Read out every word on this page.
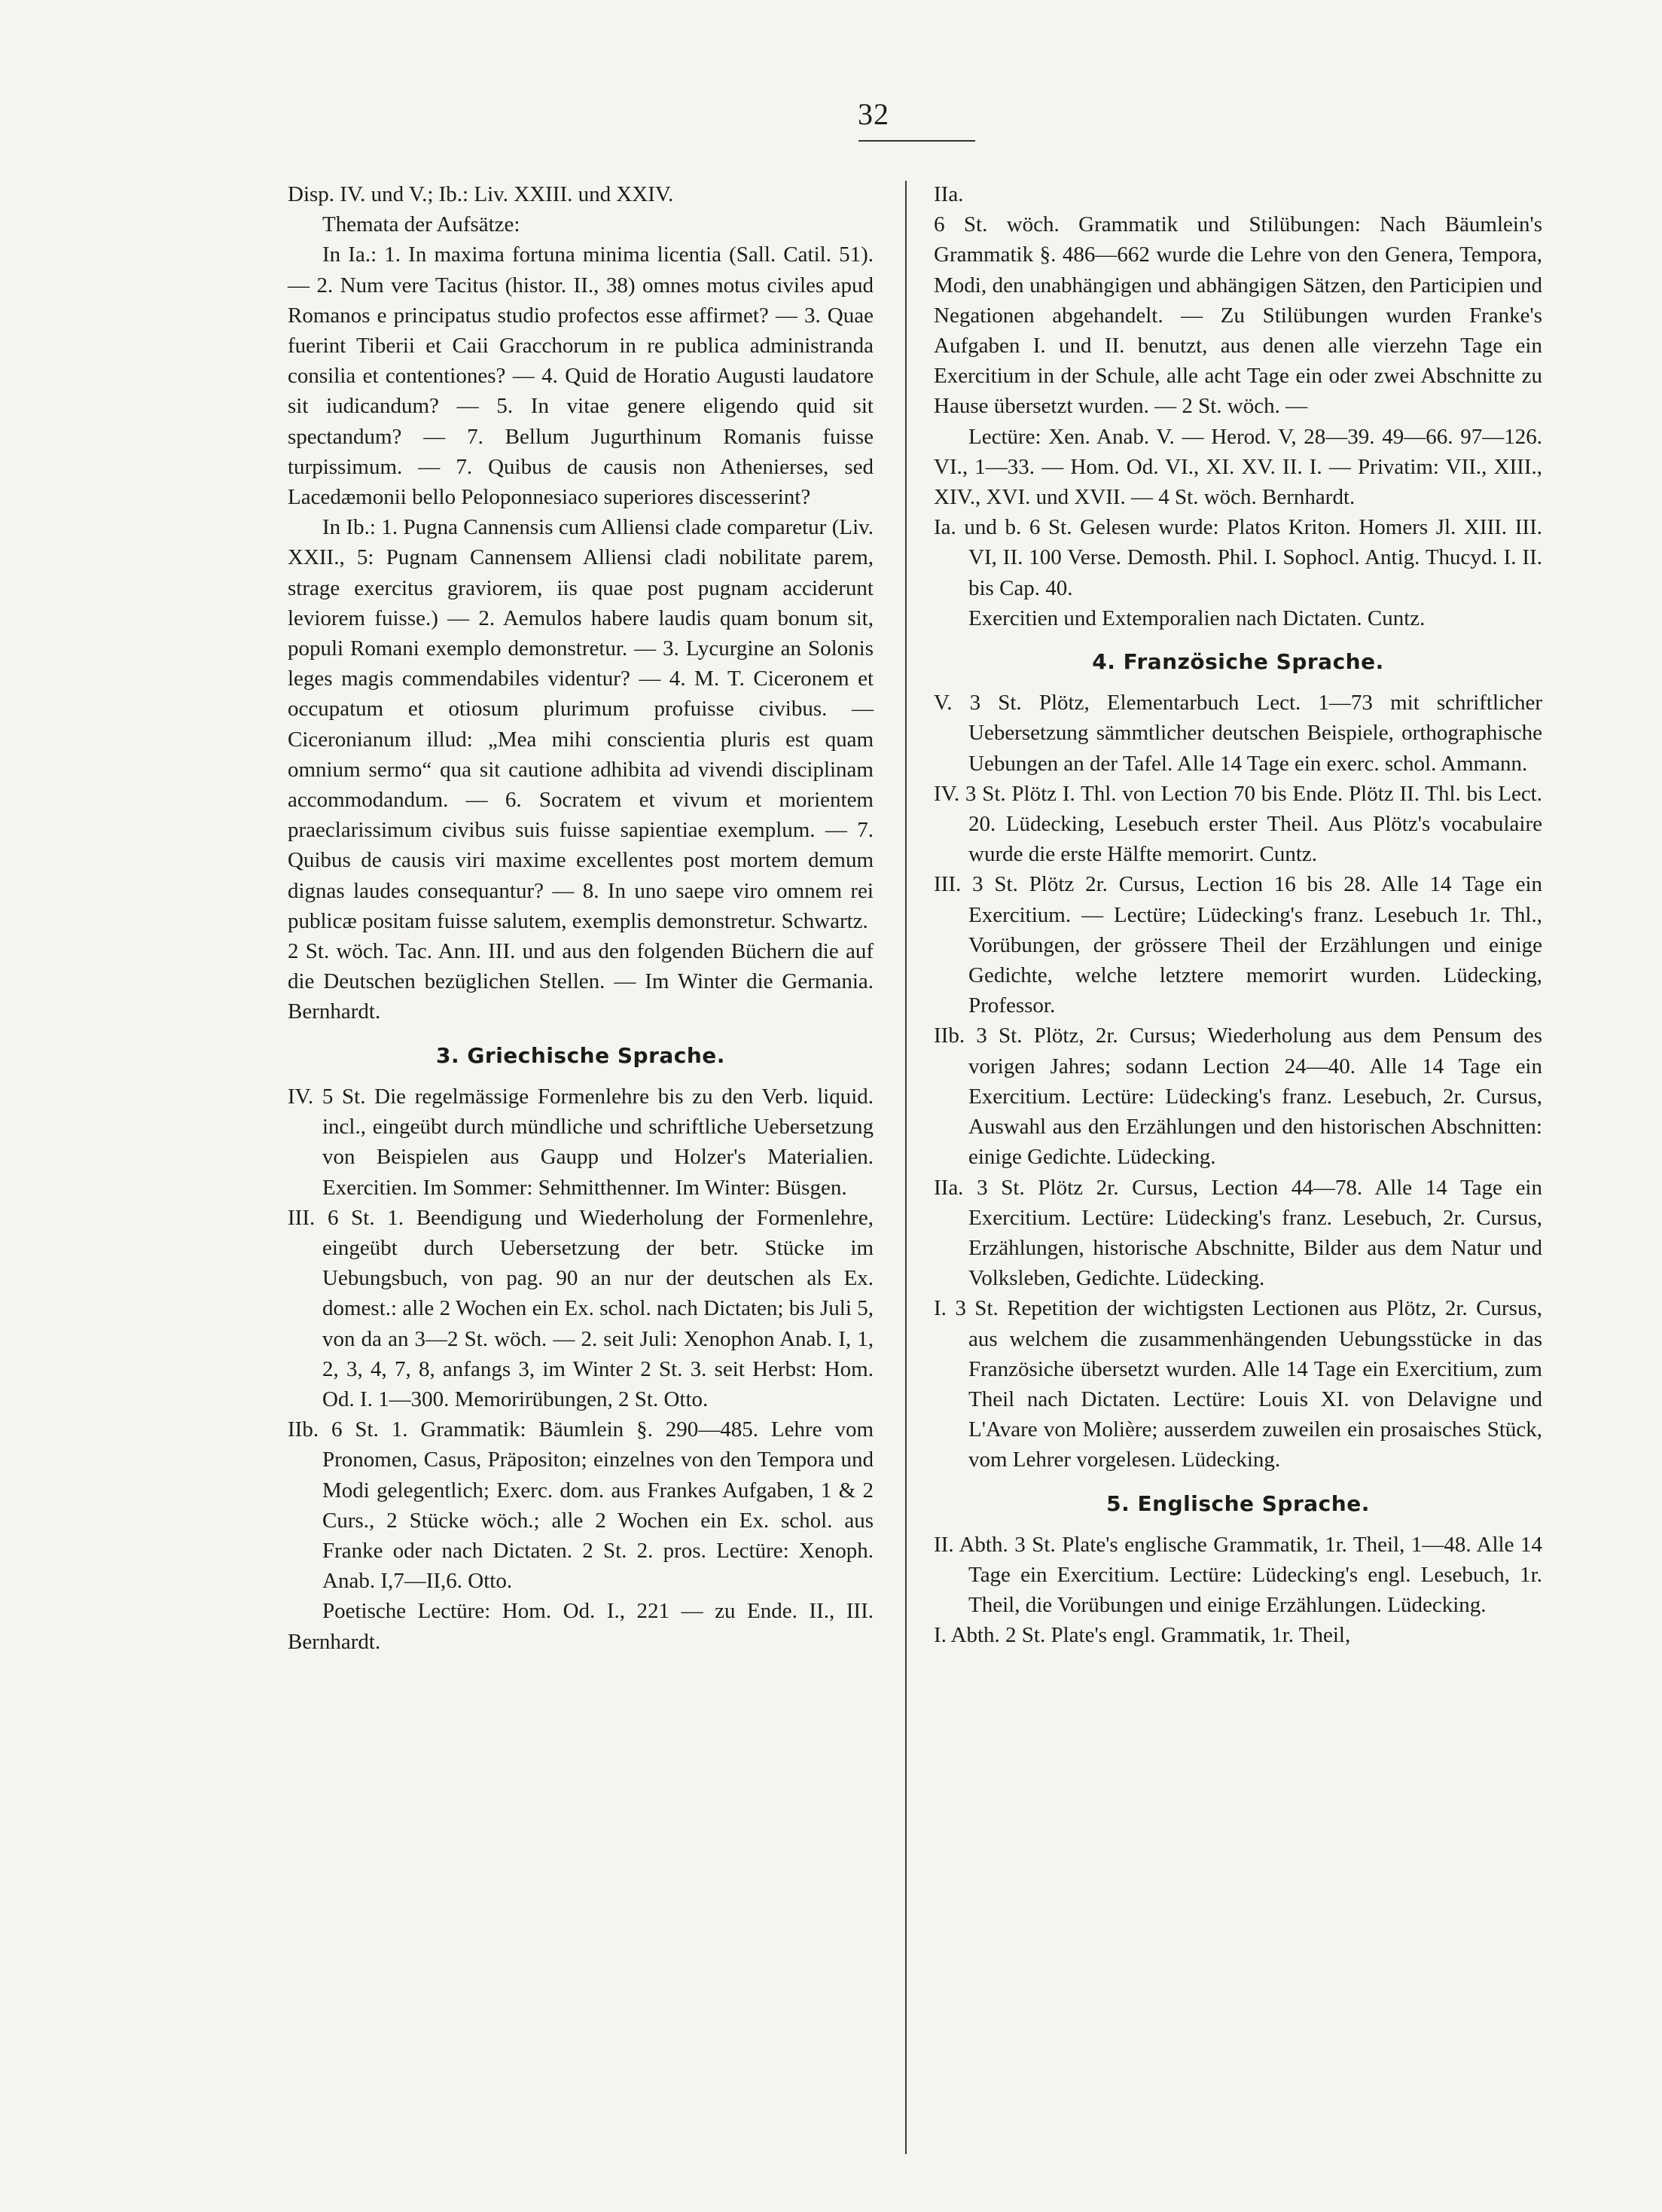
32

Disp. IV. und V.; Ib.: Liv. XXIII. und XXIV.

Themata der Aufsätze:

In Ia.: 1. In maxima fortuna minima licentia (Sall. Catil. 51). — 2. Num vere Tacitus (histor. II., 38) omnes motus civiles apud Romanos e principatus studio profectos esse affirmet? — 3. Quae fuerint Tiberii et Caii Gracchorum in re publica administranda consilia et contentiones? — 4. Quid de Horatio Augusti laudatore sit iudicandum? — 5. In vitae genere eligendo quid sit spectandum? — 7. Bellum Jugurthinum Romanis fuisse turpissimum. — 7. Quibus de causis non Athenierses, sed Lacedæmonii bello Peloponnesiaco superiores discesserint?

In Ib.: 1. Pugna Cannensis cum Alliensi clade comparetur (Liv. XXII., 5: Pugnam Cannensem Alliensi cladi nobilitate parem, strage exercitus graviorem, iis quae post pugnam acciderunt leviorem fuisse.) — 2. Aemulos habere laudis quam bonum sit, populi Romani exemplo demonstretur. — 3. Lycurgine an Solonis leges magis commendabiles videntur? — 4. M. T. Ciceronem et occupatum et otiosum plurimum profuisse civibus. — Ciceronianum illud: „Mea mihi conscientia pluris est quam omnium sermo“ qua sit cautione adhibita ad vivendi disciplinam accommodandum. — 6. Socratem et vivum et morientem praeclarissimum civibus suis fuisse sapientiae exemplum. — 7. Quibus de causis viri maxime excellentes post mortem demum dignas laudes consequantur? — 8. In uno saepe viro omnem rei publicæ positam fuisse salutem, exemplis demonstretur. Schwartz.

2 St. wöch. Tac. Ann. III. und aus den folgenden Büchern die auf die Deutschen bezüglichen Stellen. — Im Winter die Germania. Bernhardt.

3. Griechische Sprache.

IV. 5 St. Die regelmässige Formenlehre bis zu den Verb. liquid. incl., eingeübt durch mündliche und schriftliche Uebersetzung von Beispielen aus Gaupp und Holzer's Materialien. Exercitien. Im Sommer: Sehmitthenner. Im Winter: Büsgen.

III. 6 St. 1. Beendigung und Wiederholung der Formenlehre, eingeübt durch Uebersetzung der betr. Stücke im Uebungsbuch, von pag. 90 an nur der deutschen als Ex. domest.: alle 2 Wochen ein Ex. schol. nach Dictaten; bis Juli 5, von da an 3—2 St. wöch. — 2. seit Juli: Xenophon Anab. I, 1, 2, 3, 4, 7, 8, anfangs 3, im Winter 2 St. 3. seit Herbst: Hom. Od. I. 1—300. Memorirübungen, 2 St. Otto.

IIb. 6 St. 1. Grammatik: Bäumlein §. 290—485. Lehre vom Pronomen, Casus, Präpositon; einzelnes von den Tempora und Modi gelegentlich; Exerc. dom. aus Frankes Aufgaben, 1 & 2 Curs., 2 Stücke wöch.; alle 2 Wochen ein Ex. schol. aus Franke oder nach Dictaten. 2 St. 2. pros. Lectüre: Xenoph. Anab. I,7—II,6. Otto.

Poetische Lectüre: Hom. Od. I., 221 — zu Ende. II., III. Bernhardt.

IIa.

6 St. wöch. Grammatik und Stilübungen: Nach Bäumlein's Grammatik §. 486—662 wurde die Lehre von den Genera, Tempora, Modi, den unabhängigen und abhängigen Sätzen, den Participien und Negationen abgehandelt. — Zu Stilübungen wurden Franke's Aufgaben I. und II. benutzt, aus denen alle vierzehn Tage ein Exercitium in der Schule, alle acht Tage ein oder zwei Abschnitte zu Hause übersetzt wurden. — 2 St. wöch. —

Lectüre: Xen. Anab. V. — Herod. V, 28—39. 49—66. 97—126. VI., 1—33. — Hom. Od. VI., XI. XV. II. I. — Privatim: VII., XIII., XIV., XVI. und XVII. — 4 St. wöch. Bernhardt.

Ia. und b. 6 St. Gelesen wurde: Platos Kriton. Homers Jl. XIII. III. VI, II. 100 Verse. Demosth. Phil. I. Sophocl. Antig. Thucyd. I. II. bis Cap. 40.

Exercitien und Extemporalien nach Dictaten. Cuntz.

4. Französiche Sprache.

V. 3 St. Plötz, Elementarbuch Lect. 1—73 mit schriftlicher Uebersetzung sämmtlicher deutschen Beispiele, orthographische Uebungen an der Tafel. Alle 14 Tage ein exerc. schol. Ammann.

IV. 3 St. Plötz I. Thl. von Lection 70 bis Ende. Plötz II. Thl. bis Lect. 20. Lüdecking, Lesebuch erster Theil. Aus Plötz's vocabulaire wurde die erste Hälfte memorirt. Cuntz.

III. 3 St. Plötz 2r. Cursus, Lection 16 bis 28. Alle 14 Tage ein Exercitium. — Lectüre; Lüdecking's franz. Lesebuch 1r. Thl., Vorübungen, der grössere Theil der Erzählungen und einige Gedichte, welche letztere memorirt wurden. Lüdecking, Professor.

IIb. 3 St. Plötz, 2r. Cursus; Wiederholung aus dem Pensum des vorigen Jahres; sodann Lection 24—40. Alle 14 Tage ein Exercitium. Lectüre: Lüdecking's franz. Lesebuch, 2r. Cursus, Auswahl aus den Erzählungen und den historischen Abschnitten: einige Gedichte. Lüdecking.

IIa. 3 St. Plötz 2r. Cursus, Lection 44—78. Alle 14 Tage ein Exercitium. Lectüre: Lüdecking's franz. Lesebuch, 2r. Cursus, Erzählungen, historische Abschnitte, Bilder aus dem Natur und Volksleben, Gedichte. Lüdecking.

I. 3 St. Repetition der wichtigsten Lectionen aus Plötz, 2r. Cursus, aus welchem die zusammenhängenden Uebungsstücke in das Französiche übersetzt wurden. Alle 14 Tage ein Exercitium, zum Theil nach Dictaten. Lectüre: Louis XI. von Delavigne und L'Avare von Molière; ausserdem zuweilen ein prosaisches Stück, vom Lehrer vorgelesen. Lüdecking.

5. Englische Sprache.

II. Abth. 3 St. Plate's englische Grammatik, 1r. Theil, 1—48. Alle 14 Tage ein Exercitium. Lectüre: Lüdecking's engl. Lesebuch, 1r. Theil, die Vorübungen und einige Erzählungen. Lüdecking.

I. Abth. 2 St. Plate's engl. Grammatik, 1r. Theil,
